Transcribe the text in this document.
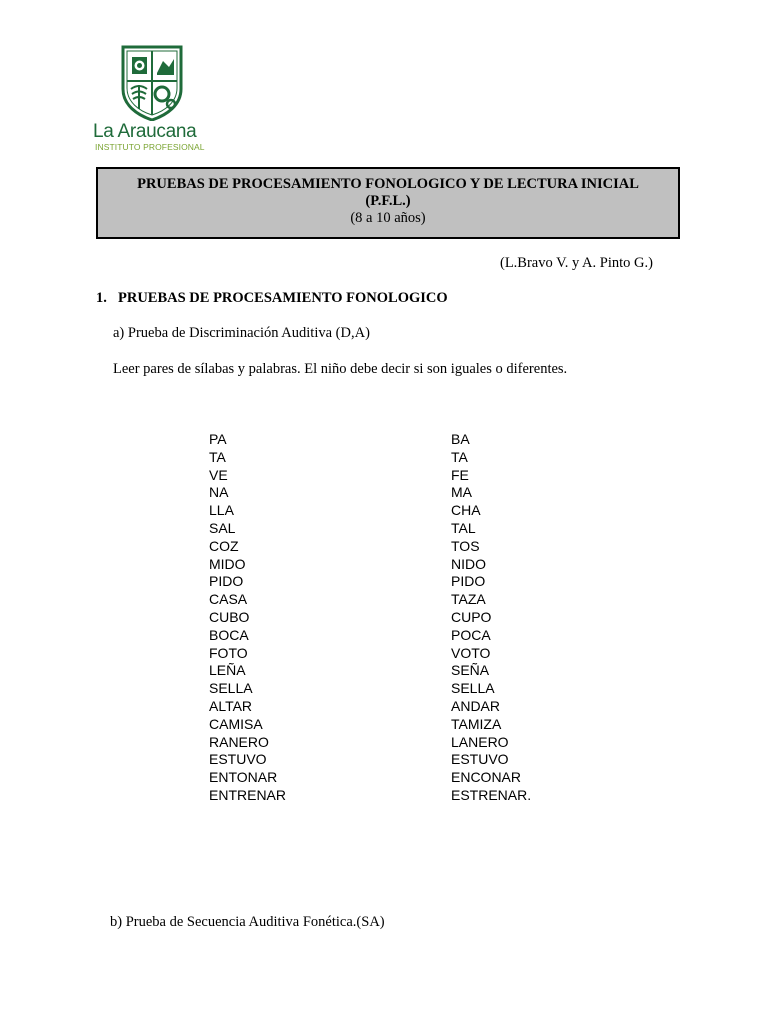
La Araucana
INSTITUTO PROFESIONAL
PRUEBAS DE PROCESAMIENTO FONOLOGICO Y DE LECTURA INICIAL
(P.F.L.)
(8 a 10 años)
(L.Bravo V. y A. Pinto G.)
1. PRUEBAS DE PROCESAMIENTO FONOLOGICO
a) Prueba de Discriminación Auditiva (D,A)
Leer pares de sílabas y palabras. El niño debe decir si son iguales o diferentes.
PA	BA
TA	TA
VE	FE
NA	MA
LLA	CHA
SAL	TAL
COZ	TOS
MIDO	NIDO
PIDO	PIDO
CASA	TAZA
CUBO	CUPO
BOCA	POCA
FOTO	VOTO
LEÑA	SEÑA
SELLA	SELLA
ALTAR	ANDAR
CAMISA	TAMIZA
RANERO	LANERO
ESTUVO	ESTUVO
ENTONAR	ENCONAR
ENTRENAR	ESTRENAR.
b) Prueba de Secuencia Auditiva Fonética.(SA)
